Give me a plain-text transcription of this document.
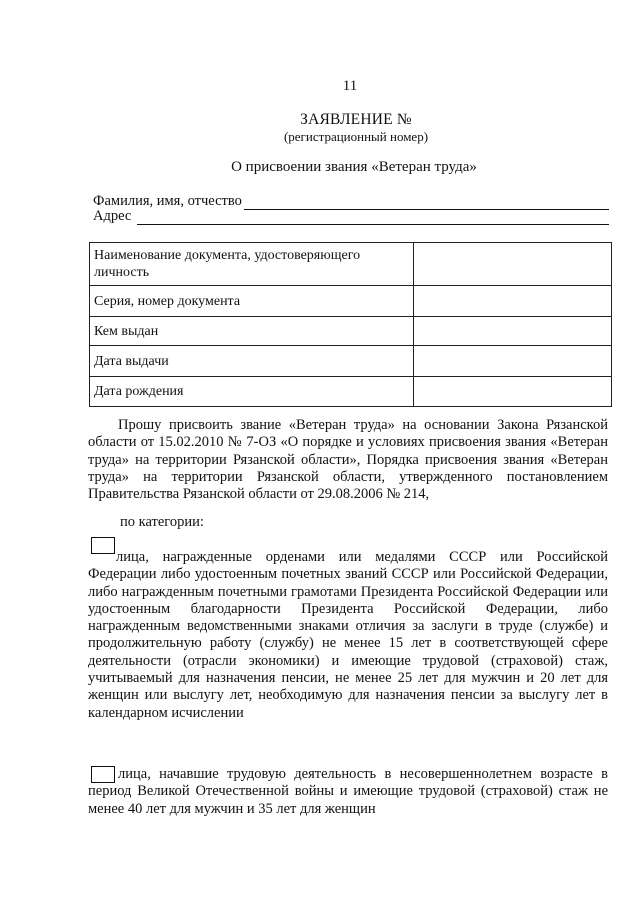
11
ЗАЯВЛЕНИЕ №
(регистрационный номер)
О присвоении звания «Ветеран труда»
Фамилия, имя, отчество
Адрес
Наименование документа, удостоверяющего личность	
Серия, номер документа	
Кем выдан	
Дата выдачи	
Дата рождения	
Прошу присвоить звание «Ветеран труда» на основании Закона Рязанской области от 15.02.2010 № 7-ОЗ «О порядке и условиях присвоения звания «Ветеран труда» на территории Рязанской области», Порядка присвоения звания «Ветеран труда» на территории Рязанской области, утвержденного постановлением Правительства Рязанской области от 29.08.2006 № 214,
по категории:
лица, награжденные орденами или медалями СССР или Российской Федерации либо удостоенным почетных званий СССР или Российской Федерации, либо награжденным почетными грамотами Президента Российской Федерации или удостоенным благодарности Президента Российской Федерации, либо награжденным ведомственными знаками отличия за заслуги в труде (службе) и продолжительную работу (службу) не менее 15 лет в соответствующей сфере деятельности (отрасли экономики) и имеющие трудовой (страховой) стаж, учитываемый для назначения пенсии, не менее 25 лет для мужчин и 20 лет для женщин или выслугу лет, необходимую для назначения пенсии за выслугу лет в календарном исчислении
лица, начавшие трудовую деятельность в несовершеннолетнем возрасте в период Великой Отечественной войны и имеющие трудовой (страховой) стаж не менее 40 лет для мужчин и 35 лет для женщин
